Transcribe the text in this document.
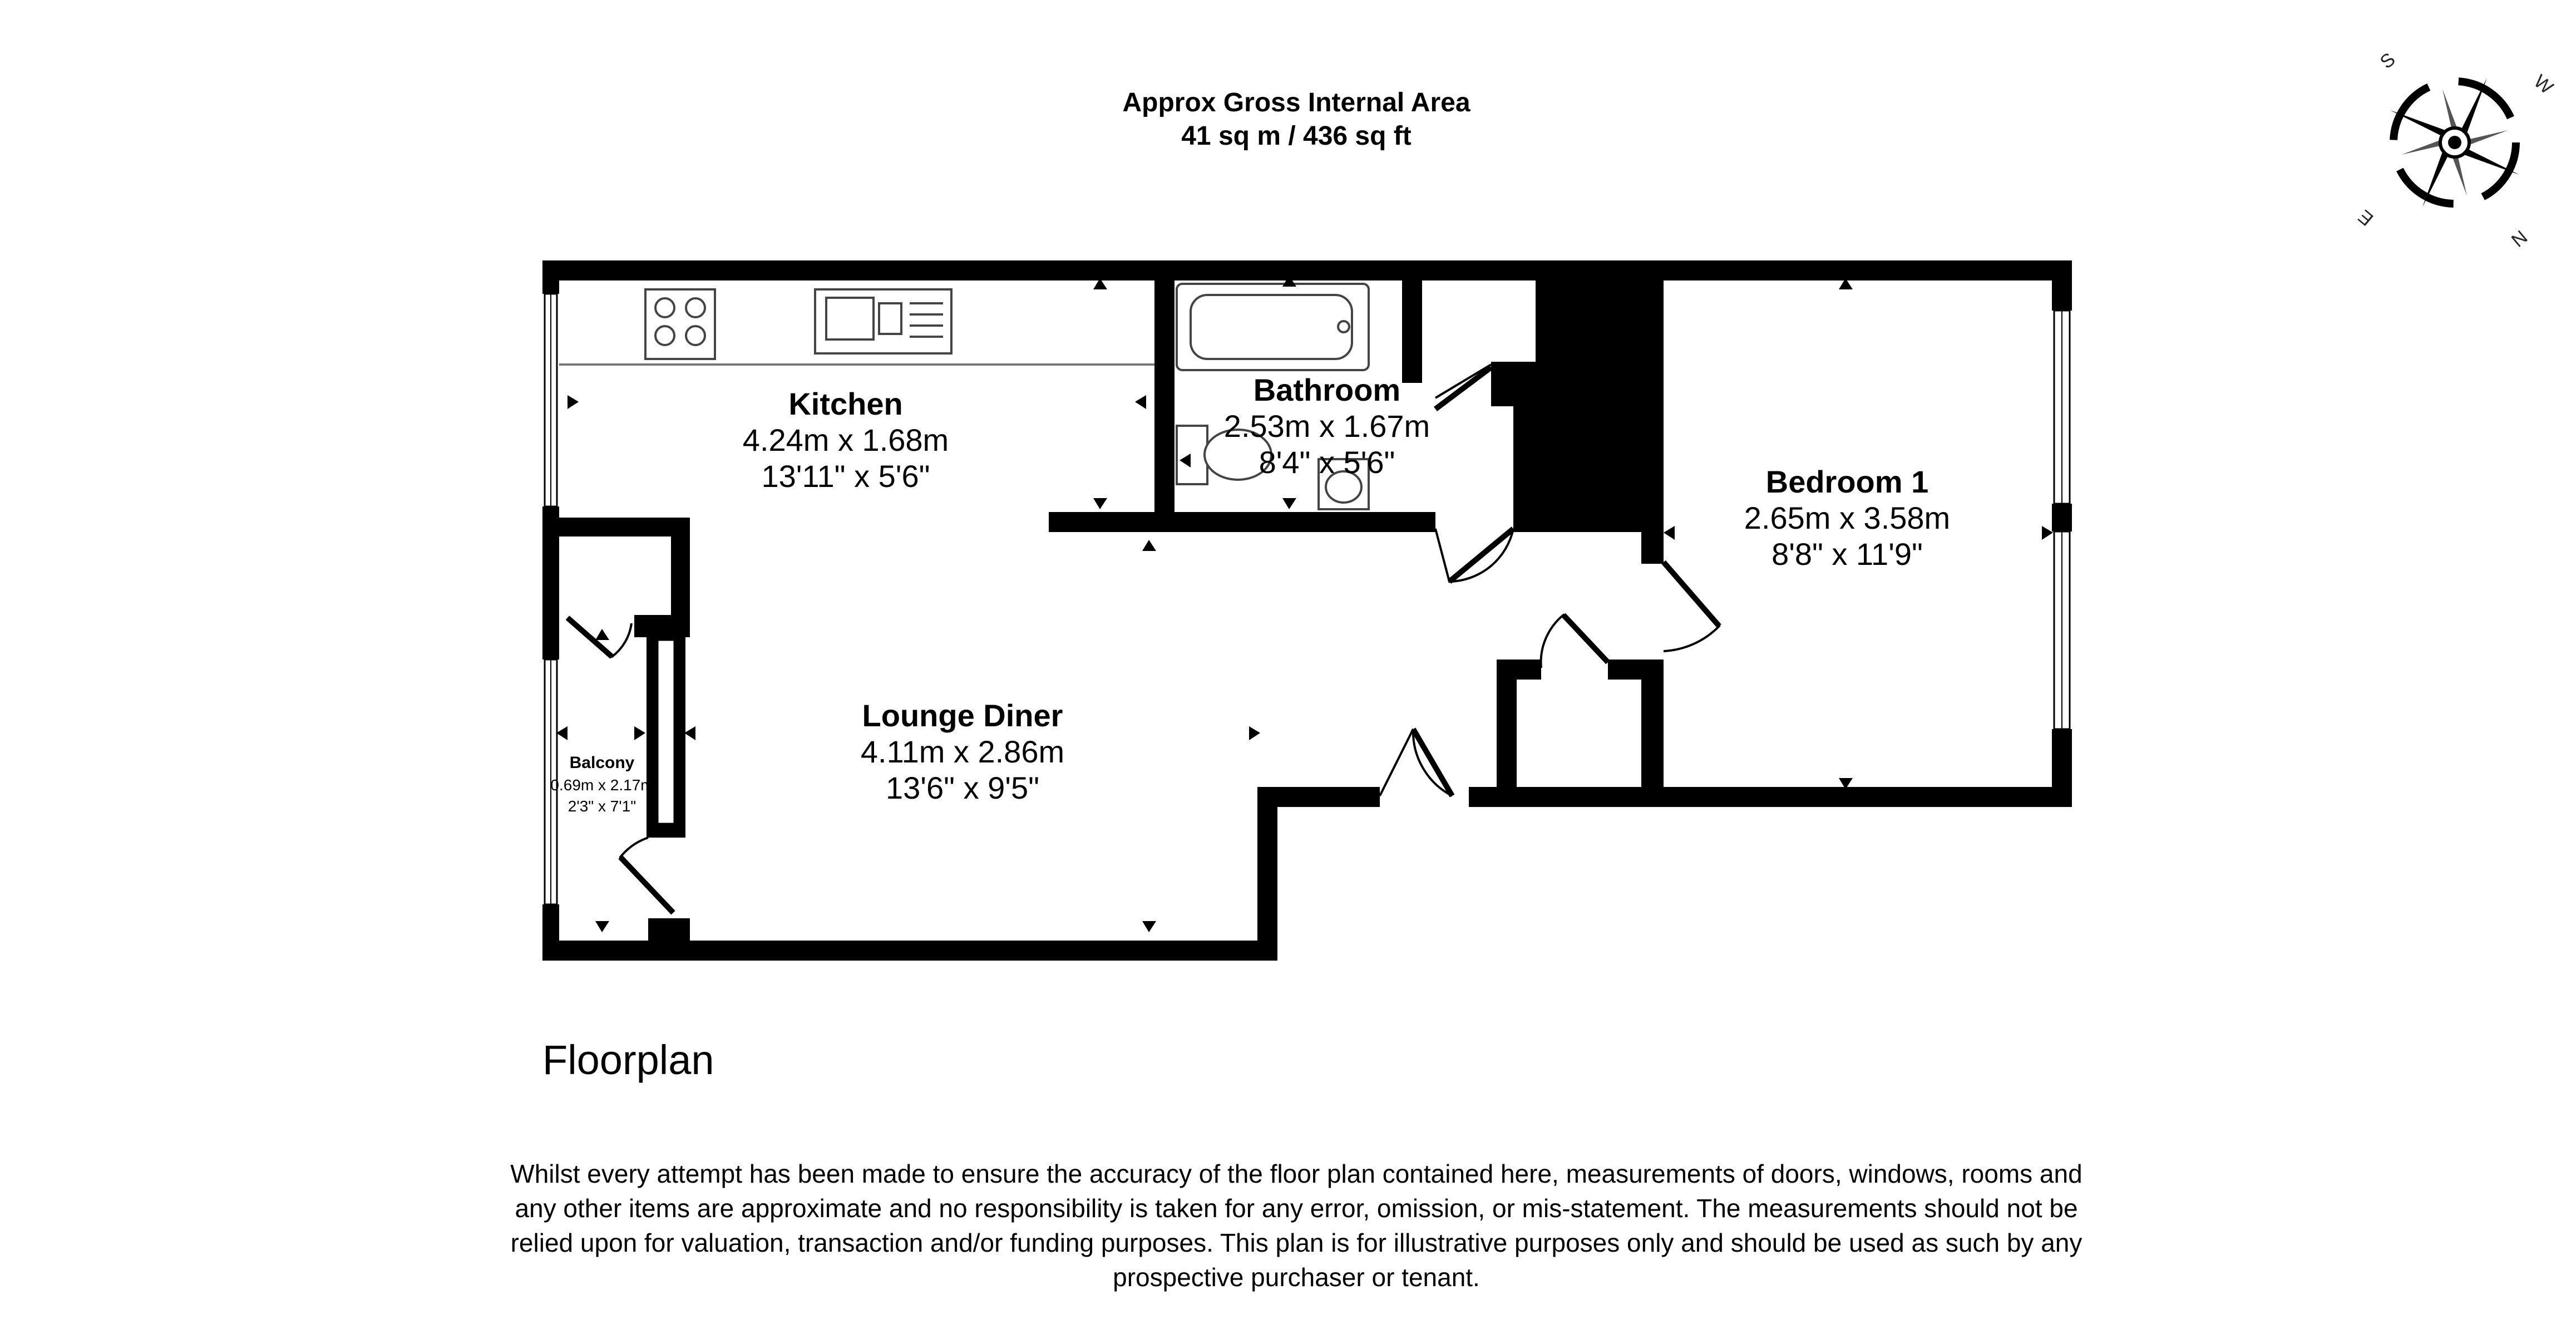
Approx Gross Internal Area
41 sq m / 436 sq ft
S
W
E
N
Kitchen
4.24m x 1.68m
13'11" x 5'6"
Bathroom
2.53m x 1.67m
8'4" x 5'6"
Bedroom 1
2.65m x 3.58m
8'8" x 11'9"
Lounge Diner
4.11m x 2.86m
13'6" x 9'5"
Balcony
0.69m x 2.17m
2'3" x 7'1"
Floorplan
Whilst every attempt has been made to ensure the accuracy of the floor plan contained here, measurements of doors, windows, rooms and
any other items are approximate and no responsibility is taken for any error, omission, or mis-statement. The measurements should not be
relied upon for valuation, transaction and/or funding purposes. This plan is for illustrative purposes only and should be used as such by any
prospective purchaser or tenant.
